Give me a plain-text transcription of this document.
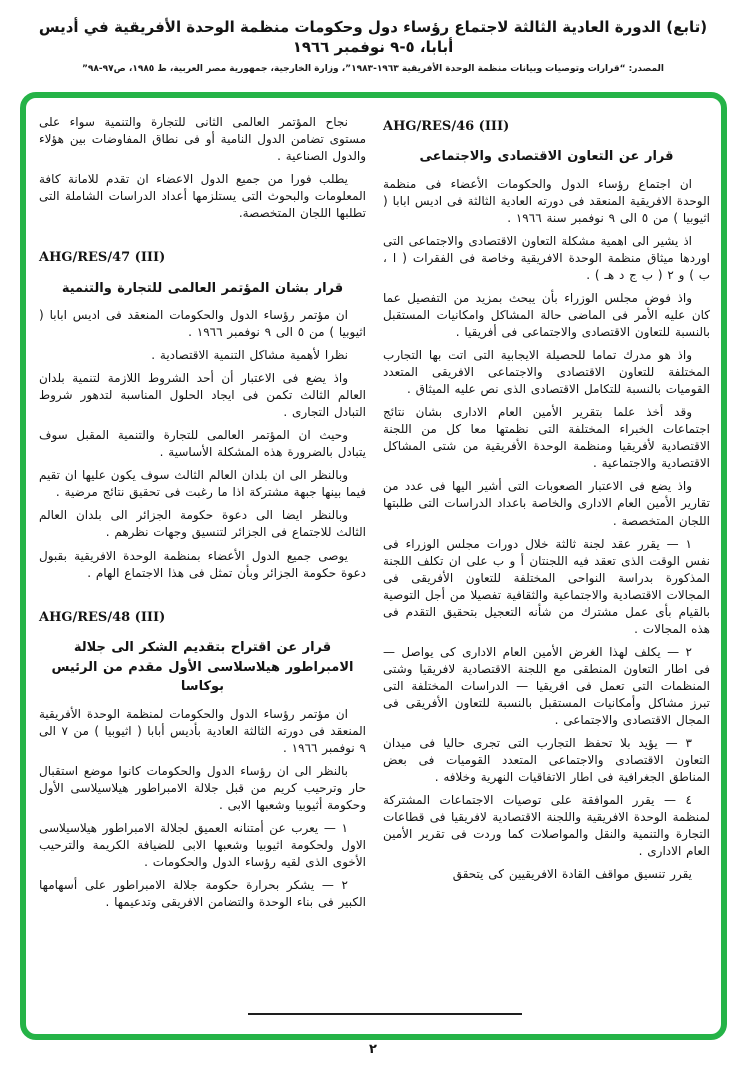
(تابع) الدورة العادية الثالثة لاجتماع رؤساء دول وحكومات منظمة الوحدة الأفريقية في أديس أبابا، ٥-٩ نوفمبر ١٩٦٦
المصدر: “قرارات وتوصيات وبيانات منظمة الوحدة الأفريقية ١٩٦٣-١٩٨٣”، وزارة الخارجية، جمهورية مصر العربية، ط ١٩٨٥، ص٩٧-٩٨”
AHG/RES/46 (III)
قرار عن التعاون الاقتصادى والاجتماعى
ان اجتماع رؤساء الدول والحكومات الأعضاء فى منظمة الوحدة الافريقية المنعقد فى دورته العادية الثالثة فى اديس ابابا ( اثيوبيا ) من ٥ الى ٩ نوفمبر سنة ١٩٦٦ .
اذ يشير الى اهمية مشكلة التعاون الاقتصادى والاجتماعى التى اوردها ميثاق منظمة الوحدة الافريقية وخاصة فى الفقرات ( ا ، ب ) و ٢ ( ب ج د هـ ) .
واذ فوض مجلس الوزراء بأن يبحث بمزيد من التفصيل عما كان عليه الأمر فى الماضى حالة المشاكل وامكانيات المستقبل بالنسبة للتعاون الاقتصادى والاجتماعى فى أفريقيا .
واذ هو مدرك تماما للحصيلة الايجابية التى اتت بها التجارب المختلفة للتعاون الاقتصادى والاجتماعى الافريقى المتعدد القوميات بالنسبة للتكامل الاقتصادى الذى نص عليه الميثاق .
وقد أخذ علما بتقرير الأمين العام الادارى بشان نتائج اجتماعات الخبراء المختلفة التى نظمتها معا كل من اللجنة الاقتصادية لأفريقيا ومنظمة الوحدة الأفريقية من شتى المشاكل الاقتصادية والاجتماعية .
واذ يضع فى الاعتبار الصعوبات التى أشير اليها فى عدد من تقارير الأمين العام الادارى والخاصة باعداد الدراسات التى طلبتها اللجان المتخصصة .
١ — يقرر عقد لجنة ثالثة خلال دورات مجلس الوزراء فى نفس الوقت الذى تعقد فيه اللجنتان أ و ب على ان تكلف اللجنة المذكورة بدراسة النواحى المختلفة للتعاون الأفريقى فى المجالات الاقتصادية والاجتماعية والثقافية تفصيلا من أجل التوصية بالقيام بأى عمل مشترك من شأنه التعجيل بتحقيق التقدم فى هذه المجالات .
٢ — يكلف لهذا الغرض الأمين العام الادارى كى يواصل — فى اطار التعاون المنطقى مع اللجنة الاقتصادية لافريقيا وشتى المنظمات التى تعمل فى افريقيا — الدراسات المختلفة التى تبرز مشاكل وأمكانيات المستقبل بالنسبة للتعاون الأفريقى فى المجال الاقتصادى والاجتماعى .
٣ — يؤيد بلا تحفظ التجارب التى تجرى حاليا فى ميدان التعاون الاقتصادى والاجتماعى المتعدد القوميات فى بعض المناطق الجغرافية فى اطار الاتفاقيات النهرية وخلافه .
٤ — يقرر الموافقة على توصيات الاجتماعات المشتركة لمنظمة الوحدة الافريقية واللجنة الاقتصادية لافريقيا فى قطاعات التجارة والتنمية والنقل والمواصلات كما وردت فى تقرير الأمين العام الادارى .
يقرر تنسيق مواقف القادة الافريقيين كى يتحقق
نجاح المؤتمر العالمى الثانى للتجارة والتنمية سواء على مستوى تضامن الدول النامية أو فى نطاق المفاوضات بين هؤلاء والدول الصناعية .
يطلب فورا من جميع الدول الاعضاء ان تقدم للامانة كافة المعلومات والبحوث التى يستلزمها أعداد الدراسات الشاملة التى تطلبها اللجان المتخصصة.
AHG/RES/47 (III)
قرار بشان المؤتمر العالمى للتجارة والتنمية
ان مؤتمر رؤساء الدول والحكومات المنعقد فى اديس ابابا ( اثيوبيا ) من ٥ الى ٩ نوفمبر ١٩٦٦ .
نظرا لأهمية مشاكل التنمية الاقتصادية .
واذ يضع فى الاعتبار أن أحد الشروط اللازمة لتنمية بلدان العالم الثالث تكمن فى ايجاد الحلول المناسبة لتدهور شروط التبادل التجارى .
وحيث ان المؤتمر العالمى للتجارة والتنمية المقبل سوف يتبادل بالضرورة هذه المشكلة الأساسية .
وبالنظر الى ان بلدان العالم الثالث سوف يكون عليها ان تقيم فيما بينها جبهة مشتركة اذا ما رغبت فى تحقيق نتائج مرضية .
وبالنظر ايضا الى دعوة حكومة الجزائر الى بلدان العالم الثالث للاجتماع فى الجزائر لتنسيق وجهات نظرهم .
يوصى جميع الدول الأعضاء بمنظمة الوحدة الافريقية بقبول دعوة حكومة الجزائر وبأن تمثل فى هذا الاجتماع الهام .
AHG/RES/48 (III)
قرار عن اقتراح بتقديم الشكر الى جلالة الامبراطور هيلاسلاسى الأول مقدم من الرئيس بوكاسا
ان مؤتمر رؤساء الدول والحكومات لمنظمة الوحدة الأفريقية المنعقد فى دورته الثالثة العادية بأديس أبابا ( اثيوبيا ) من ٧ الى ٩ نوفمبر ١٩٦٦ .
بالنظر الى ان رؤساء الدول والحكومات كانوا موضع استقبال حار وترحيب كريم من قبل جلالة الامبراطور هيلاسيلاسى الأول وحكومة أثيوبيا وشعبها الابى .
١ — يعرب عن أمتنانه العميق لجلالة الامبراطور هيلاسيلاسى الاول ولحكومة اثيوبيا وشعبها الابى للضيافة الكريمة والترحيب الأخوى الذى لقيه رؤساء الدول والحكومات .
٢ — يشكر بحرارة حكومة جلالة الامبراطور على أسهامها الكبير فى بناء الوحدة والتضامن الافريقى وتدعيمها .
٢
